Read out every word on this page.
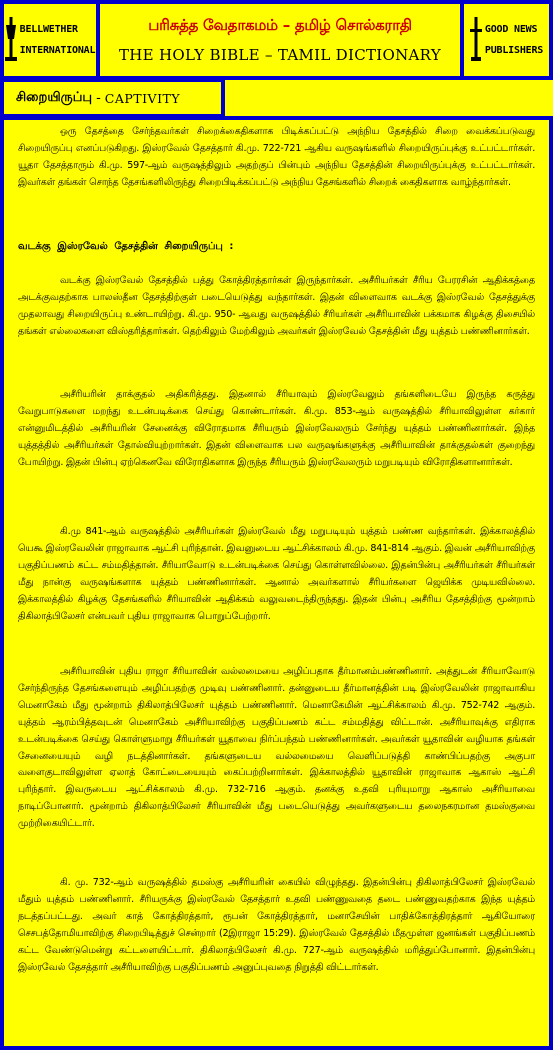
BELLWETHER
INTERNATIONAL
பரிசுத்த வேதாகமம் – தமிழ் சொல்கராதி
THE HOLY BIBLE – TAMIL DICTIONARY
GOOD NEWS
PUBLISHERS
சிறையிருப்பு - CAPTIVITY
ஒரு தேசத்தை சேர்ந்தவர்கள் சிறைக்கைதிகளாக பிடிக்கப்பட்டு அந்நிய தேசத்தில் சிறை வைக்கப்படுவது சிறையிருப்பு எனப்படுகிறது. இஸ்ரவேல் தேசத்தார் கி.மு. 722-721 ஆகிய வருஷங்களில் சிறையிருப்புக்கு உட்பட்டார்கள். யூதா தேசத்தாரும் கி.மு. 597-ஆம் வருஷத்திலும் அதற்குப் பின்பும் அந்நிய தேசத்தின் சிறையிருப்புக்கு உட்பட்டார்கள். இவர்கள் தங்கள் சொந்த தேசங்களிலிருந்து சிறைபிடிக்கப்பட்டு அந்நிய தேசங்களில் சிறைக் கைதிகளாக வாழ்ந்தார்கள்.
வடக்கு இஸ்ரவேல் தேசத்தின் சிறையிருப்பு :
வடக்கு இஸ்ரவேல் தேசத்தில் பத்து கோத்திரத்தார்கள் இருந்தார்கள். அசீரியர்கள் சீரிய பேரரசின் ஆதிக்கத்தை அடக்குவதற்காக பாலஸ்தீன தேசத்திற்குள் படையெடுத்து வந்தார்கள். இதன் விளைவாக வடக்கு இஸ்ரவேல் தேசத்துக்கு முதலாவது சிறையிருப்பு உண்டாயிற்று. கி.மு. 950- ஆவது வருஷத்தில் சீரியர்கள் அசீரியாவின் பக்கமாக கிழக்கு திசையில் தங்கள் எல்லைகளை விஸ்தரித்தார்கள். தெற்கிலும் மேற்கிலும் அவர்கள் இஸ்ரவேல் தேசத்தின் மீது யுத்தம் பண்ணினார்கள்.
அசீரியரின் தாக்குதல் அதிகரித்தது. இதனால் சீரியாவும் இஸ்ரவேலும் தங்களிடையே இருந்த கருத்து வேறுபாடுகளை மறந்து உடன்படிக்கை செய்து கொண்டார்கள். கி.மு. 853-ஆம் வருஷத்தில் சீரியாவிலுள்ள கர்கார் என்னுமிடத்தில் அசீரியரின் சேனைக்கு விரோதமாக சீரியரும் இஸ்ரவேலரும் சேர்ந்து யுத்தம் பண்ணினார்கள். இந்த யுத்தத்தில் அசீரியர்கள் தோல்வியுற்றார்கள். இதன் விளைவாக பல வருஷங்களுக்கு அசீரியாவின் தாக்குதல்கள் குறைந்து போயிற்று. இதன் பின்பு ஏற்கெனவே விரோதிகளாக இருந்த சீரியரும் இஸ்ரவேலரும் மறுபடியும் விரோதிகளானார்கள்.
கி.மு 841-ஆம் வருஷத்தில் அசீரியர்கள் இஸ்ரவேல் மீது மறுபடியும் யுத்தம் பண்ண வந்தார்கள். இக்காலத்தில் யெகூ இஸ்ரவேலின் ராஜாவாக ஆட்சி புரிந்தான். இவனுடைய ஆட்சிக்காலம் கி.மு. 841-814 ஆகும். இவன் அசீரியாவிற்கு பகுதிப்பணம் கட்ட சம்மதித்தான். சீரியாவோடு உடன்படிக்கை செய்து கொள்ளவில்லை. இதன்பின்பு அசீரியர்கள் சீரியர்கள் மீது நான்கு வருஷங்களாக யுத்தம் பண்ணினார்கள். ஆனால் அவர்களால் சீரியர்களை ஜெயிக்க முடியவில்லை. இக்காலத்தில் கிழக்கு தேசங்களில் சீரியாவின் ஆதிக்கம் வலுவடைந்திருந்தது. இதன் பின்பு அசீரிய தேசத்திற்கு மூன்றாம் திகிலாத்பிலேசர் என்பவர் புதிய ராஜாவாக பொறுப்பேற்றார்.
அசீரியாவின் புதிய ராஜா சீரியாவின் வல்லமையை அழிப்பதாக தீர்மானம்பண்ணினார். அத்துடன் சீரியாவோடு சேர்ந்திருந்த தேசங்களையும் அழிப்பதற்கு முடிவு பண்ணினார். தன்னுடைய தீர்மானத்தின் படி இஸ்ரவேலின் ராஜாவாகிய மெனாகேம் மீது மூன்றாம் திகிலாத்பிலேசர் யுத்தம் பண்ணினார். மெனாகேமின் ஆட்சிக்காலம் கி.மு. 752-742 ஆகும். யுத்தம் ஆரம்பித்தவுடன் மெனாகேம் அசீரியாவிற்கு பகுதிப்பணம் கட்ட சம்மதித்து விட்டான். அசீரியாவுக்கு எதிராக உடன்படிக்கை செய்து கொள்ளுமாறு சீரியர்கள் யூதாவை நிர்ப்பந்தம் பண்ணினார்கள். அவர்கள் யூதாவின் வழியாக தங்கள் சேனையையும் வழி நடத்தினார்கள். தங்களுடைய வல்லமையை வெளிப்படுத்தி காண்பிப்பதற்கு அகுபா வளைகுடாவிலுள்ள ஏலாத் கோட்டையையும் கைப்பற்றினார்கள். இக்காலத்தில் யூதாவின் ராஜாவாக ஆகாஸ் ஆட்சி புரிந்தார். இவருடைய ஆட்சிக்காலம் கி.மு. 732-716 ஆகும். தனக்கு உதவி புரியுமாறு ஆகாஸ் அசீரியாவை நாடிப்போனார். மூன்றாம் திகிலாத்பிலேசர் சீரியாவின் மீது படையெடுத்து அவர்களுடைய தலைநகரமான தமஸ்குவை முற்றிகையிட்டார்.
கி. மு. 732-ஆம் வருஷத்தில் தமஸ்கு அசீரியரின் கையில் விழுந்தது. இதன்பின்பு திகிலாத்பிலேசர் இஸ்ரவேல் மீதும் யுத்தம் பண்ணினார். சீரியருக்கு இஸ்ரவேல் தேசத்தார் உதவி பண்ணுவதை தடை பண்ணுவதற்காக இந்த யுத்தம் நடத்தப்பட்டது. அவர் காத் கோத்திரத்தார், ரூபன் கோத்திரத்தார், மனாசேயின் பாதிக்கோத்திரத்தார் ஆகியோரை செசபத்தோமியாவிற்கு சிறைபிடித்துச் சென்றார் (2இராஜா 15:29). இஸ்ரவேல் தேசத்தில் மீதமுள்ள ஜனங்கள் பகுதிப்பணம் கட்ட வேண்டுமென்று கட்டளையிட்டார். திகிலாத்பிலேசர் கி.மு. 727-ஆம் வருஷத்தில் மரித்துப்போனார். இதன்பின்பு இஸ்ரவேல் தேசத்தார் அசீரியாவிற்கு பகுதிப்பணம் அனுப்புவதை நிறுத்தி விட்டார்கள்.
